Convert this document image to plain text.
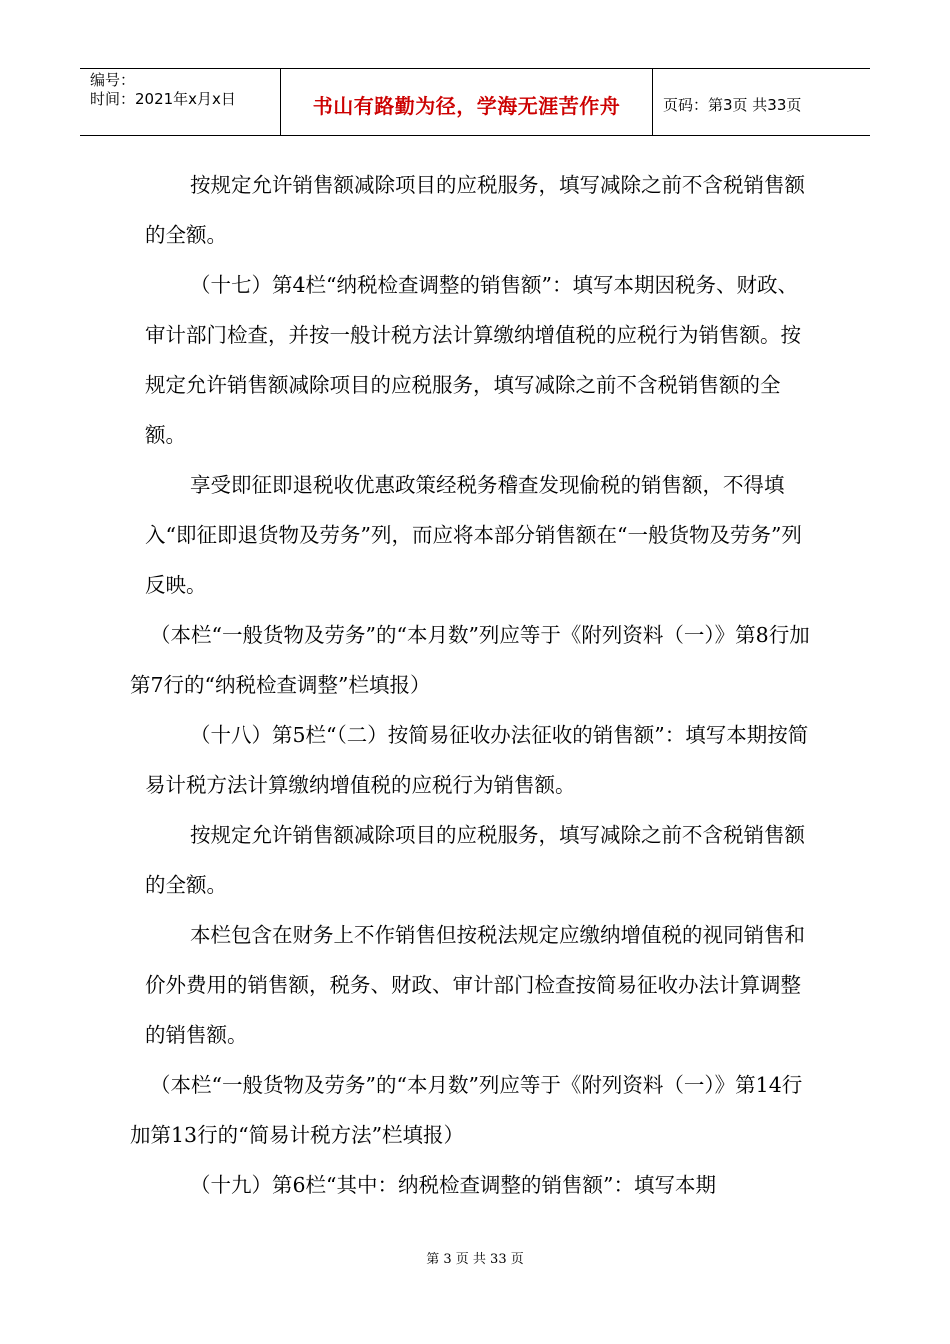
编号：
时间：2021年x月x日	书山有路勤为径，学海无涯苦作舟	页码：第3页 共33页

按规定允许销售额减除项目的应税服务，填写减除之前不含税销售额的全额。

（十七）第4栏“纳税检查调整的销售额”：填写本期因税务、财政、审计部门检查，并按一般计税方法计算缴纳增值税的应税行为销售额。按规定允许销售额减除项目的应税服务，填写减除之前不含税销售额的全额。

享受即征即退税收优惠政策经税务稽查发现偷税的销售额，不得填入“即征即退货物及劳务”列，而应将本部分销售额在“一般货物及劳务”列反映。

（本栏“一般货物及劳务”的“本月数”列应等于《附列资料（一）》第8行加第7行的“纳税检查调整”栏填报）

（十八）第5栏“（二）按简易征收办法征收的销售额”：填写本期按简易计税方法计算缴纳增值税的应税行为销售额。

按规定允许销售额减除项目的应税服务，填写减除之前不含税销售额的全额。

本栏包含在财务上不作销售但按税法规定应缴纳增值税的视同销售和价外费用的销售额，税务、财政、审计部门检查按简易征收办法计算调整的销售额。

（本栏“一般货物及劳务”的“本月数”列应等于《附列资料（一）》第14行加第13行的“简易计税方法”栏填报）

（十九）第6栏“其中：纳税检查调整的销售额”：填写本期

第 3 页 共 33 页
